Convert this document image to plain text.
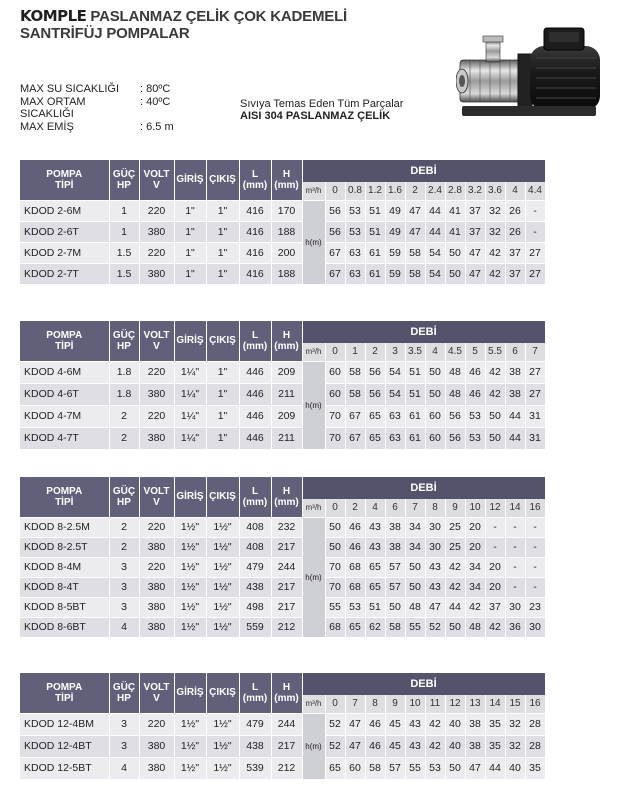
KOMPLE PASLANMAZ ÇELİK ÇOK KADEMELİ
SANTRİFÜJ POMPALAR
MAX SU SICAKLIĞI	: 80ºC
MAX ORTAM SICAKLIĞI
: 40ºC
MAX EMİŞ	: 6.5 m
Sıvıya Temas Eden Tüm Parçalar
AISI 304 PASLANMAZ ÇELİK
POMPA
TİPİ	GÜÇ
HP	VOLT
V	GİRİŞ	ÇIKIŞ	L
(mm)	H
(mm)	DEBİ											
							m³/h	0	0.8	1.2	1.6	2	2.4	2.8	3.2	3.6	4	4.4
KDOD 2-6M	1	220	1"	1"	416	170	h(m)	56	53	51	49	47	44	41	37	32	26	-
KDOD 2-6T	1	380	1"	1"	416	188		56	53	51	49	47	44	41	37	32	26	-
KDOD 2-7M	1.5	220	1"	1"	416	200		67	63	61	59	58	54	50	47	42	37	27
KDOD 2-7T	1.5	380	1"	1"	416	188		67	63	61	59	58	54	50	47	42	37	27
POMPA
TİPİ	GÜÇ
HP	VOLT
V	GİRİŞ	ÇIKIŞ	L
(mm)	H
(mm)	DEBİ											
							m³/h	0	1	2	3	3.5	4	4.5	5	5.5	6	7
KDOD 4-6M	1.8	220	1¼"	1"	446	209	h(m)	60	58	56	54	51	50	48	46	42	38	27
KDOD 4-6T	1.8	380	1¼"	1"	446	211		60	58	56	54	51	50	48	46	42	38	27
KDOD 4-7M	2	220	1¼"	1"	446	209		70	67	65	63	61	60	56	53	50	44	31
KDOD 4-7T	2	380	1¼"	1"	446	211		70	67	65	63	61	60	56	53	50	44	31
POMPA
TİPİ	GÜÇ
HP	VOLT
V	GİRİŞ	ÇIKIŞ	L
(mm)	H
(mm)	DEBİ											
							m³/h	0	2	4	6	7	8	9	10	12	14	16
KDOD 8-2.5M	2	220	1½"	1½"	408	232	h(m)	50	46	43	38	34	30	25	20	-	-	-
KDOD 8-2.5T	2	380	1½"	1½"	408	217		50	46	43	38	34	30	25	20	-	-	-
KDOD 8-4M	3	220	1½"	1½"	479	244		70	68	65	57	50	43	42	34	20	-	-
KDOD 8-4T	3	380	1½"	1½"	438	217		70	68	65	57	50	43	42	34	20	-	-
KDOD 8-5BT	3	380	1½"	1½"	498	217		55	53	51	50	48	47	44	42	37	30	23
KDOD 8-6BT	4	380	1½"	1½"	559	212		68	65	62	58	55	52	50	48	42	36	30
POMPA
TİPİ	GÜÇ
HP	VOLT
V	GİRİŞ	ÇIKIŞ	L
(mm)	H
(mm)	DEBİ											
							m³/h	0	7	8	9	10	11	12	13	14	15	16
KDOD 12-4BM	3	220	1½"	1½"	479	244	h(m)	52	47	46	45	43	42	40	38	35	32	28
KDOD 12-4BT	3	380	1½"	1½"	438	217		52	47	46	45	43	42	40	38	35	32	28
KDOD 12-5BT	4	380	1½"	1½"	539	212		65	60	58	57	55	53	50	47	44	40	35
